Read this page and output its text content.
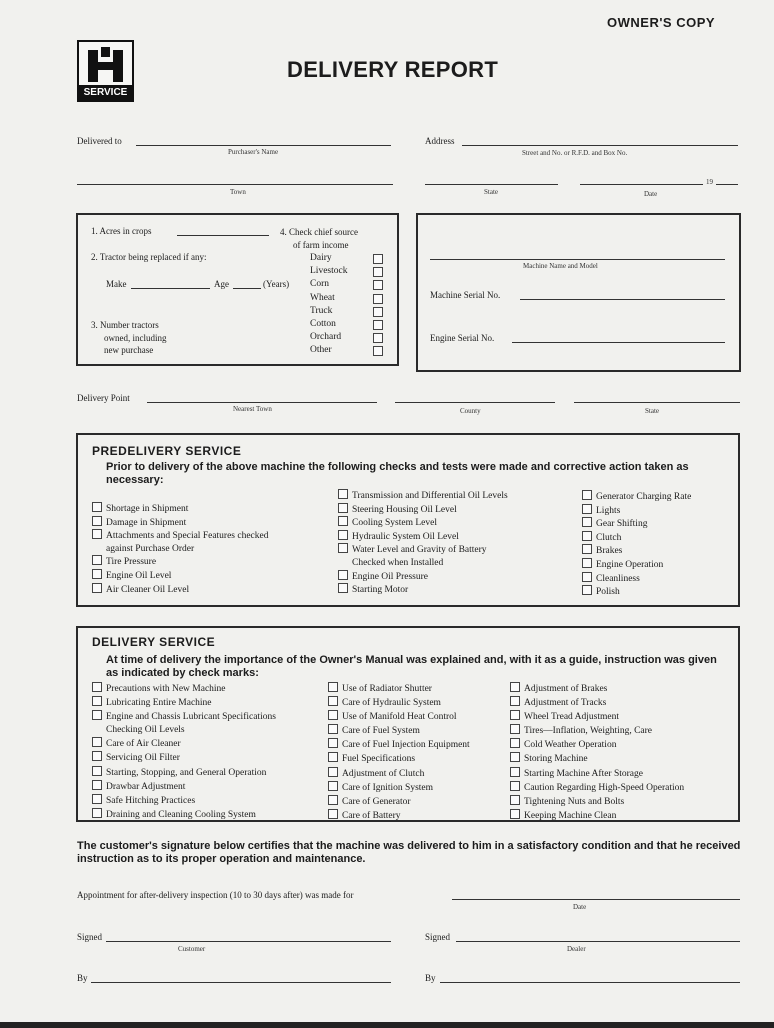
OWNER'S COPY
SERVICE
DELIVERY REPORT
Delivered to
Purchaser's Name
Address
Street and No. or R.F.D. and Box No.
Town	State	Date
19
1. Acres in crops
2. Tractor being replaced if any:
Make	Age	(Years)
3. Number tractors
owned, including
new purchase
4. Check chief source
of farm income
Dairy
Livestock
Corn
Wheat
Truck
Cotton
Orchard
Other
Machine Name and Model
Machine Serial No.
Engine Serial No.
Delivery Point
Nearest Town	County	State
PREDELIVERY SERVICE
Prior to delivery of the above machine the following checks and tests were made and corrective action taken as necessary:
Shortage in Shipment
Damage in Shipment
Attachments and Special Features checked
against Purchase Order
Tire Pressure
Engine Oil Level
Air Cleaner Oil Level
Transmission and Differential Oil Levels
Steering Housing Oil Level
Cooling System Level
Hydraulic System Oil Level
Water Level and Gravity of Battery
Checked when Installed
Engine Oil Pressure
Starting Motor
Generator Charging Rate
Lights
Gear Shifting
Clutch
Brakes
Engine Operation
Cleanliness
Polish
DELIVERY SERVICE
At time of delivery the importance of the Owner's Manual was explained and, with it as a guide, instruction was given as indicated by check marks:
Precautions with New Machine
Lubricating Entire Machine
Engine and Chassis Lubricant Specifications
Checking Oil Levels
Care of Air Cleaner
Servicing Oil Filter
Starting, Stopping, and General Operation
Drawbar Adjustment
Safe Hitching Practices
Draining and Cleaning Cooling System
Use of Radiator Shutter
Care of Hydraulic System
Use of Manifold Heat Control
Care of Fuel System
Care of Fuel Injection Equipment
Fuel Specifications
Adjustment of Clutch
Care of Ignition System
Care of Generator
Care of Battery
Adjustment of Brakes
Adjustment of Tracks
Wheel Tread Adjustment
Tires—Inflation, Weighting, Care
Cold Weather Operation
Storing Machine
Starting Machine After Storage
Caution Regarding High-Speed Operation
Tightening Nuts and Bolts
Keeping Machine Clean
The customer's signature below certifies that the machine was delivered to him in a satisfactory condition and that he received instruction as to its proper operation and maintenance.
Appointment for after-delivery inspection (10 to 30 days after) was made for
Date
Signed
Customer
Signed
Dealer
By	By
